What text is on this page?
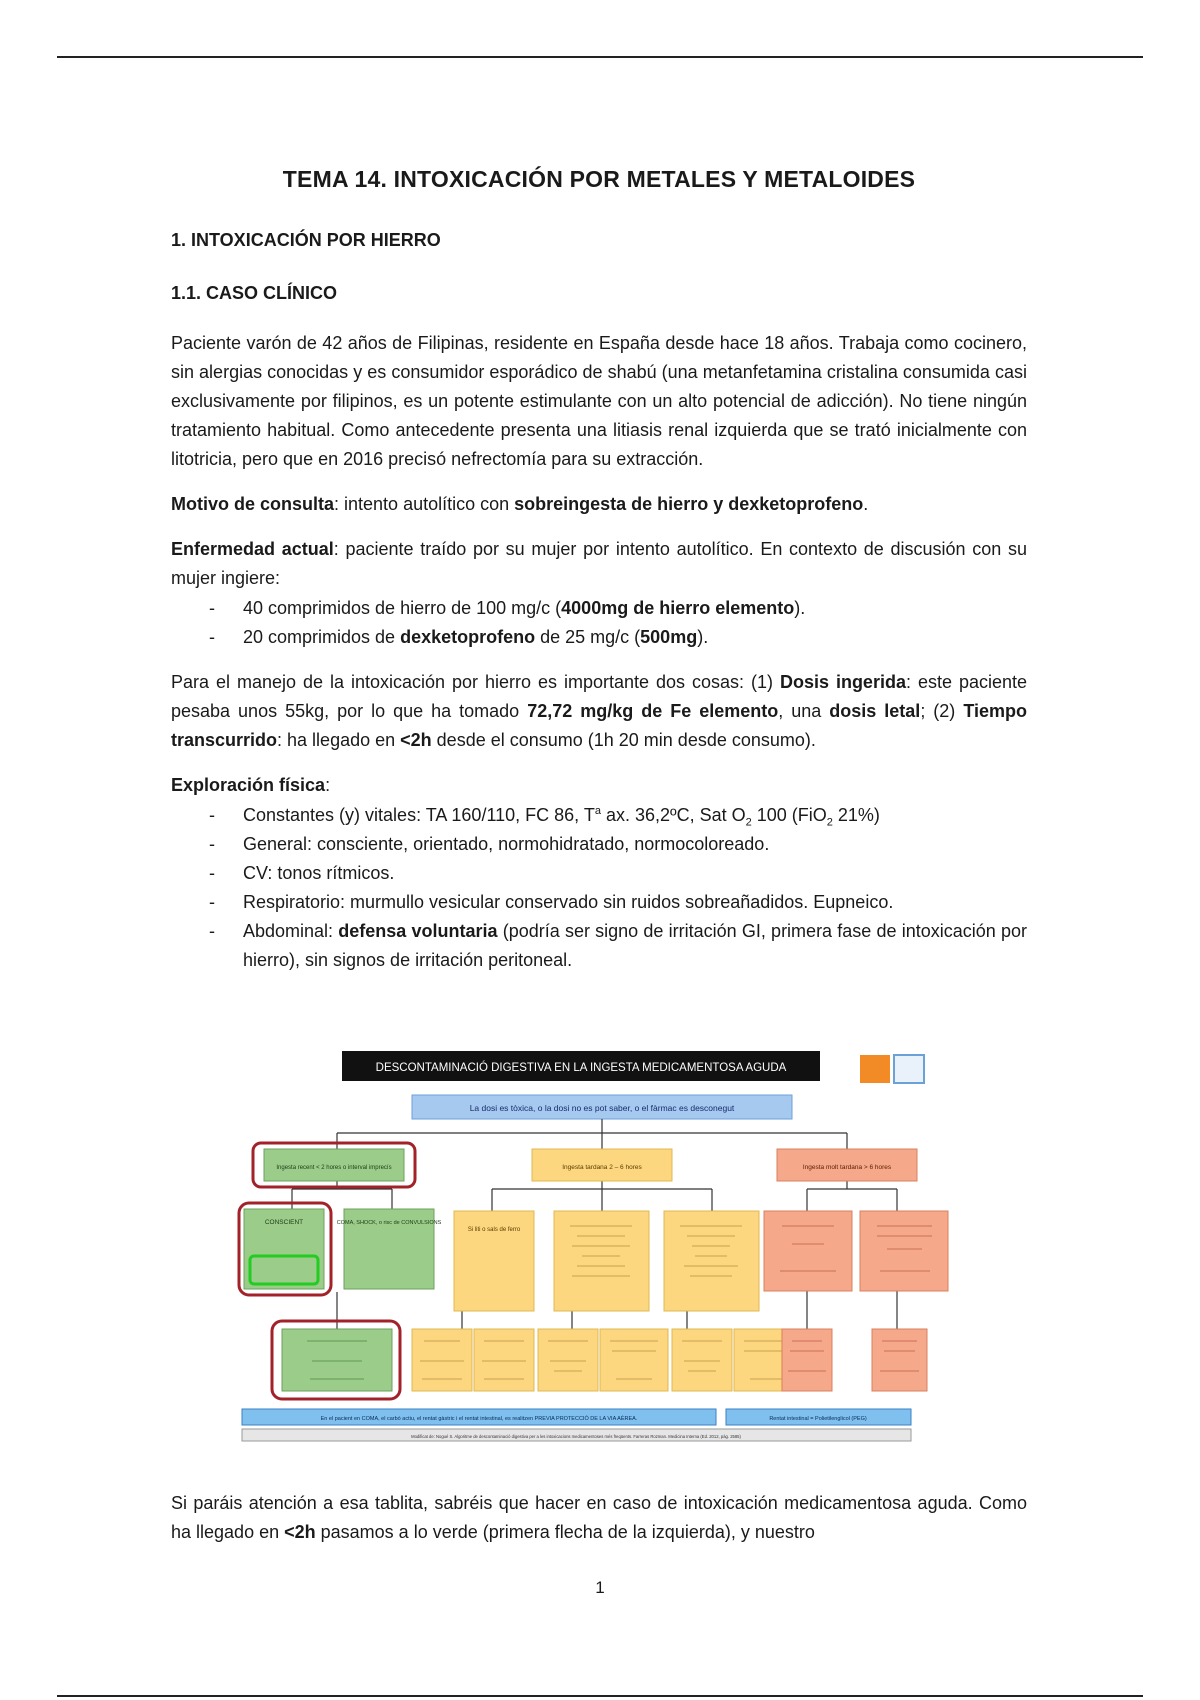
TEMA 14. INTOXICACIÓN POR METALES Y METALOIDES
1. INTOXICACIÓN POR HIERRO
1.1. CASO CLÍNICO

Paciente varón de 42 años de Filipinas, residente en España desde hace 18 años. Trabaja como cocinero, sin alergias conocidas y es consumidor esporádico de shabú (una metanfetamina cristalina consumida casi exclusivamente por filipinos, es un potente estimulante con un alto potencial de adicción). No tiene ningún tratamiento habitual. Como antecedente presenta una litiasis renal izquierda que se trató inicialmente con litotricia, pero que en 2016 precisó nefrectomía para su extracción.

Motivo de consulta: intento autolítico con sobreingesta de hierro y dexketoprofeno.

Enfermedad actual: paciente traído por su mujer por intento autolítico. En contexto de discusión con su mujer ingiere:

- 40 comprimidos de hierro de 100 mg/c (4000mg de hierro elemento).
- 20 comprimidos de dexketoprofeno de 25 mg/c (500mg).

Para el manejo de la intoxicación por hierro es importante dos cosas: (1) Dosis ingerida: este paciente pesaba unos 55kg, por lo que ha tomado 72,72 mg/kg de Fe elemento, una dosis letal; (2) Tiempo transcurrido: ha llegado en <2h desde el consumo (1h 20 min desde consumo).

Exploración física:

- Constantes (y) vitales: TA 160/110, FC 86, $T^a$ ax. 36,2ºC, Sat $O_2$ 100 (FiO$_2$ 21%)
- General: consciente, orientado, normohidratado, normocoloreado.
- CV: tonos rítmicos.
- Respiratorio: murmullo vesicular conservado sin ruidos sobreañadidos. Eupneico.
- Abdominal: defensa voluntaria (podría ser signo de irritación GI, primera fase de intoxicación por hierro), sin signos de irritación peritoneal.
DESCONTAMINACIÓ DIGESTIVA EN LA INGESTA MEDICAMENTOSA AGUDA
La dosi es tòxica, o la dosi no es pot saber, o el fàrmac es desconegut
Ingesta recent < 2 hores o interval imprecís	Ingesta tardana 2 – 6 hores	Ingesta molt tardana > 6 hores
CONSCIENT	COMA, SHOCK, o risc de CONVULSIONS
Si liti o sals de ferro
En el pacient en COMA, el carbó actiu, el rentat gàstric i el rentat intestinal, es realitzen PREVIA PROTECCIÓ DE LA VIA AÈREA.	Rentat intestinal = Polietilenglicol (PEG)
Modificat de: Nogué S. Algoritme de descontaminació digestiva per a les intoxicacions medicamentoses més freqüents. Farreras Rozman. Medicina Interna (Ed. 2012, pàg. 2585)

Si paráis atención a esa tablita, sabréis que hacer en caso de intoxicación medicamentosa aguda. Como ha llegado en <2h pasamos a lo verde (primera flecha de la izquierda), y nuestro

1
